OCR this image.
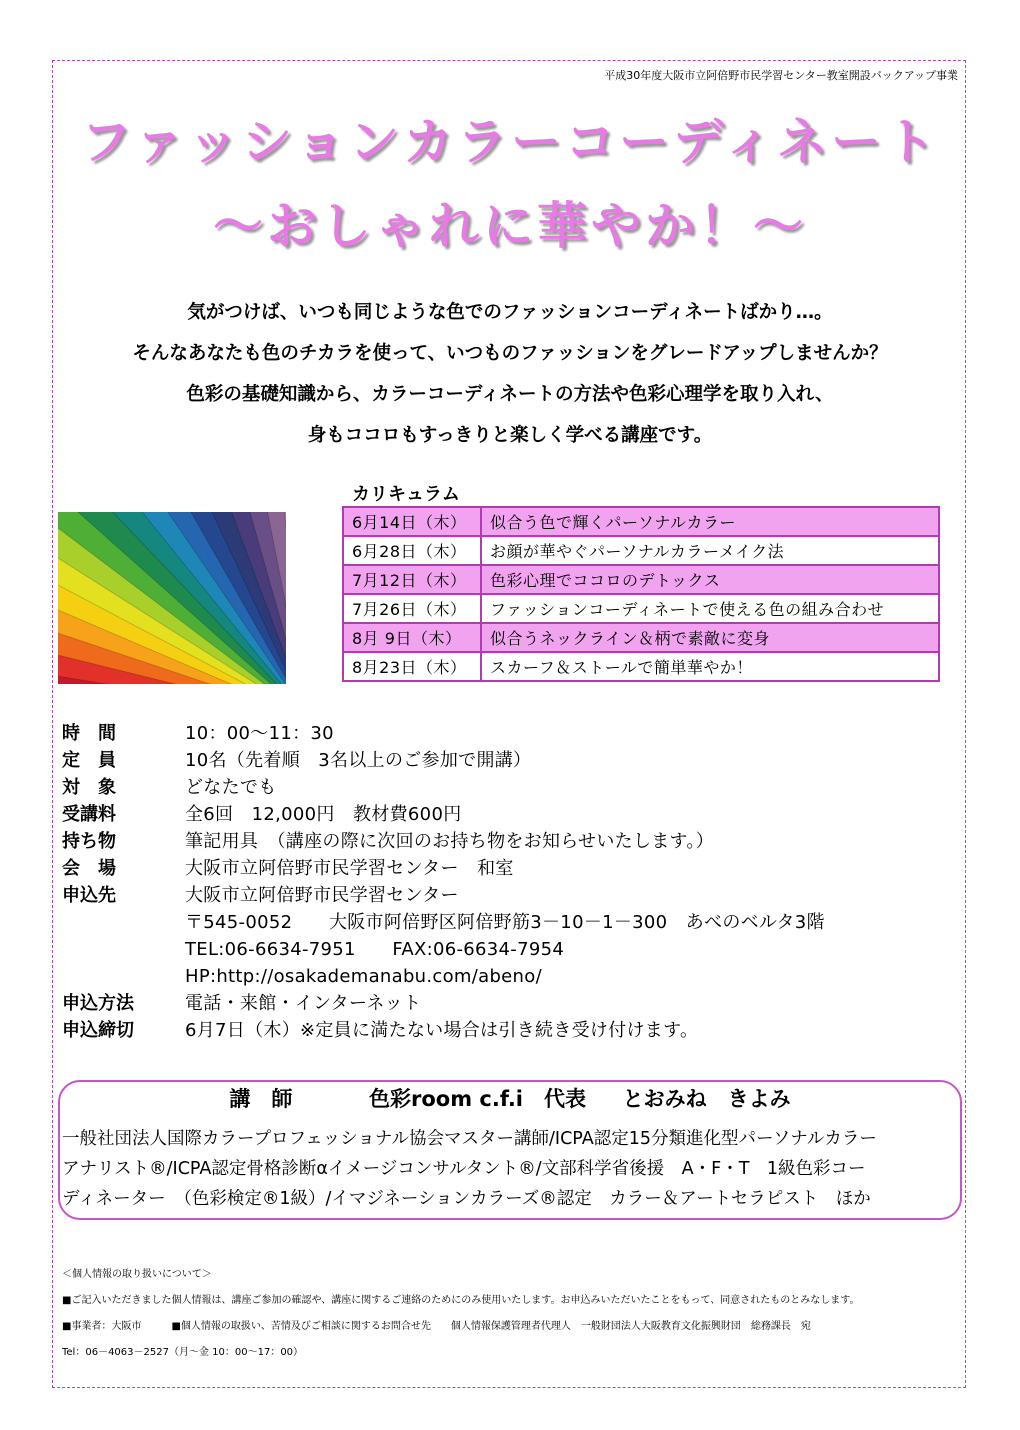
平成30年度大阪市立阿倍野市民学習センター教室開設バックアップ事業
ファッションカラーコーディネート
～おしゃれに華やか！～
気がつけば、いつも同じような色でのファッションコーディネートばかり…。
そんなあなたも色のチカラを使って、いつものファッションをグレードアップしませんか？
色彩の基礎知識から、カラーコーディネートの方法や色彩心理学を取り入れ、
身もココロもすっきりと楽しく学べる講座です。
カリキュラム
6月14日（木）	似合う色で輝くパーソナルカラー
6月28日（木）	お顔が華やぐパーソナルカラーメイク法
7月12日（木）	色彩心理でココロのデトックス
7月26日（木）	ファッションコーディネートで使える色の組み合わせ
8月 9日（木）	似合うネックライン＆柄で素敵に変身
8月23日（木）	スカーフ＆ストールで簡単華やか！
時　間	10：00～11：30
定　員	10名（先着順　3名以上のご参加で開講）
対　象	どなたでも
受講料	全6回　12,000円　教材費600円
持ち物	筆記用具　（講座の際に次回のお持ち物をお知らせいたします。）
会　場	大阪市立阿倍野市民学習センター　和室
申込先	大阪市立阿倍野市民学習センター
〒545-0052　　大阪市阿倍野区阿倍野筋3－10－1－300　あべのベルタ3階
TEL:06-6634-7951　　FAX:06-6634-7954
HP:http://osakademanabu.com/abeno/
申込方法	電話・来館・インターネット
申込締切	6月7日（木）※定員に満たない場合は引き続き受け付けます。
講　師	色彩room c.f.i　代表 とおみね　きよみ
一般社団法人国際カラープロフェッショナル協会マスター講師/ICPA認定15分類進化型パーソナルカラー
アナリスト®/ICPA認定骨格診断αイメージコンサルタント®/文部科学省後援　A・F・T　1級色彩コー
ディネーター　（色彩検定®1級）/イマジネーションカラーズ®認定　カラー＆アートセラピスト　ほか
＜個人情報の取り扱いについて＞
■ご記入いただきました個人情報は、講座ご参加の確認や、講座に関するご連絡のためにのみ使用いたします。お申込みいただいたことをもって、同意されたものとみなします。
■事業者：大阪市　　　■個人情報の取扱い、苦情及びご相談に関するお問合せ先　　個人情報保護管理者代理人　一般財団法人大阪教育文化振興財団　総務課長　宛
Tel：06－4063－2527（月～金 10：00～17：00）
